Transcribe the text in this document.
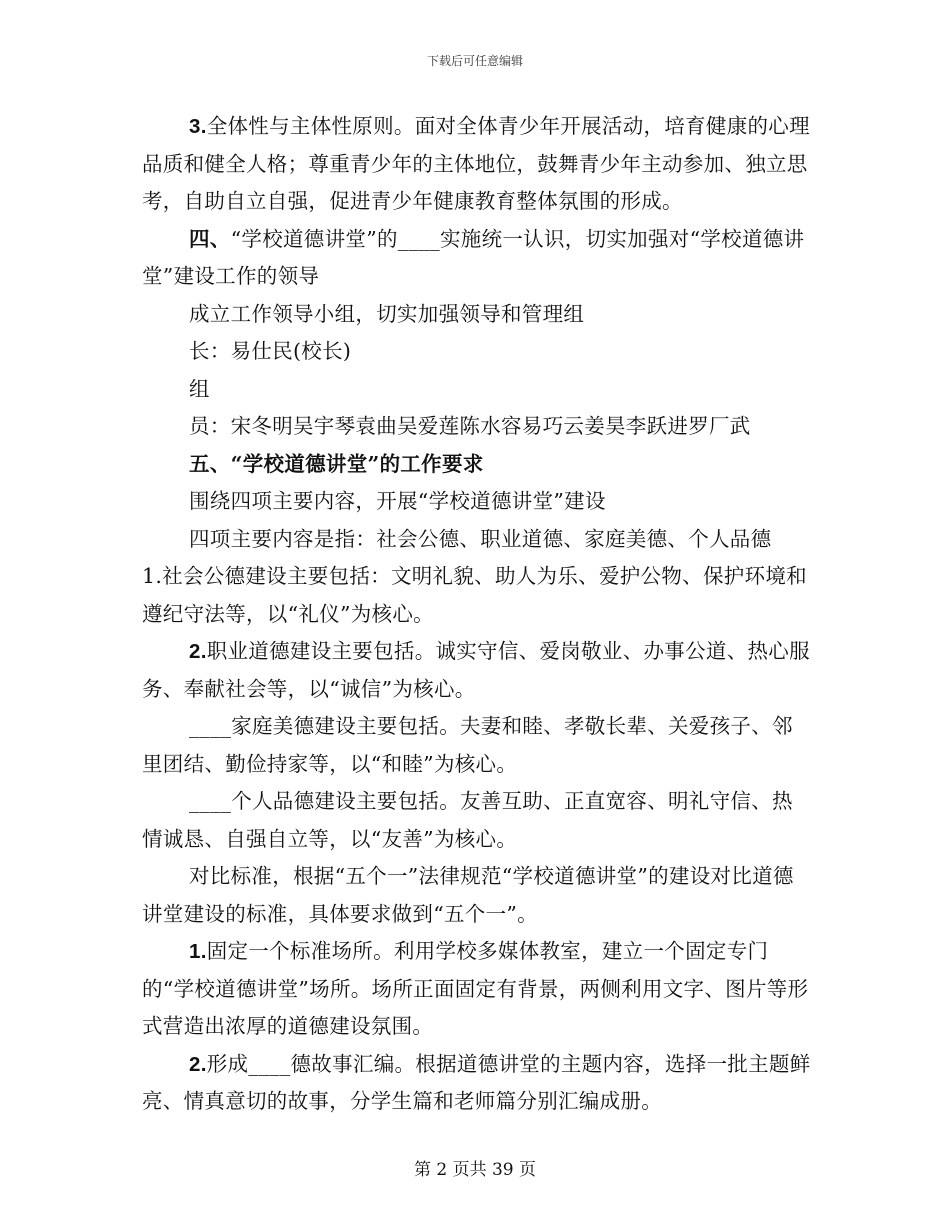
下载后可任意编辑

3.全体性与主体性原则。面对全体青少年开展活动，培育健康的心理品质和健全人格；尊重青少年的主体地位，鼓舞青少年主动参加、独立思考，自助自立自强，促进青少年健康教育整体氛围的形成。

四、“学校道德讲堂”的____实施统一认识，切实加强对“学校道德讲堂”建设工作的领导

成立工作领导小组，切实加强领导和管理组

长：易仕民(校长)

组

员：宋冬明吴宇琴袁曲吴爱莲陈水容易巧云姜昊李跃进罗厂武

五、“学校道德讲堂”的工作要求

围绕四项主要内容，开展“学校道德讲堂”建设

四项主要内容是指：社会公德、职业道德、家庭美德、个人品德

1.社会公德建设主要包括：文明礼貌、助人为乐、爱护公物、保护环境和遵纪守法等，以“礼仪”为核心。

2.职业道德建设主要包括。诚实守信、爱岗敬业、办事公道、热心服务、奉献社会等，以“诚信”为核心。

____家庭美德建设主要包括。夫妻和睦、孝敬长辈、关爱孩子、邻里团结、勤俭持家等，以“和睦”为核心。

____个人品德建设主要包括。友善互助、正直宽容、明礼守信、热情诚恳、自强自立等，以“友善”为核心。

对比标准，根据“五个一”法律规范“学校道德讲堂”的建设对比道德讲堂建设的标准，具体要求做到“五个一”。

1.固定一个标准场所。利用学校多媒体教室，建立一个固定专门的“学校道德讲堂”场所。场所正面固定有背景，两侧利用文字、图片等形式营造出浓厚的道德建设氛围。

2.形成____德故事汇编。根据道德讲堂的主题内容，选择一批主题鲜亮、情真意切的故事，分学生篇和老师篇分别汇编成册。

第 2 页共 39 页
